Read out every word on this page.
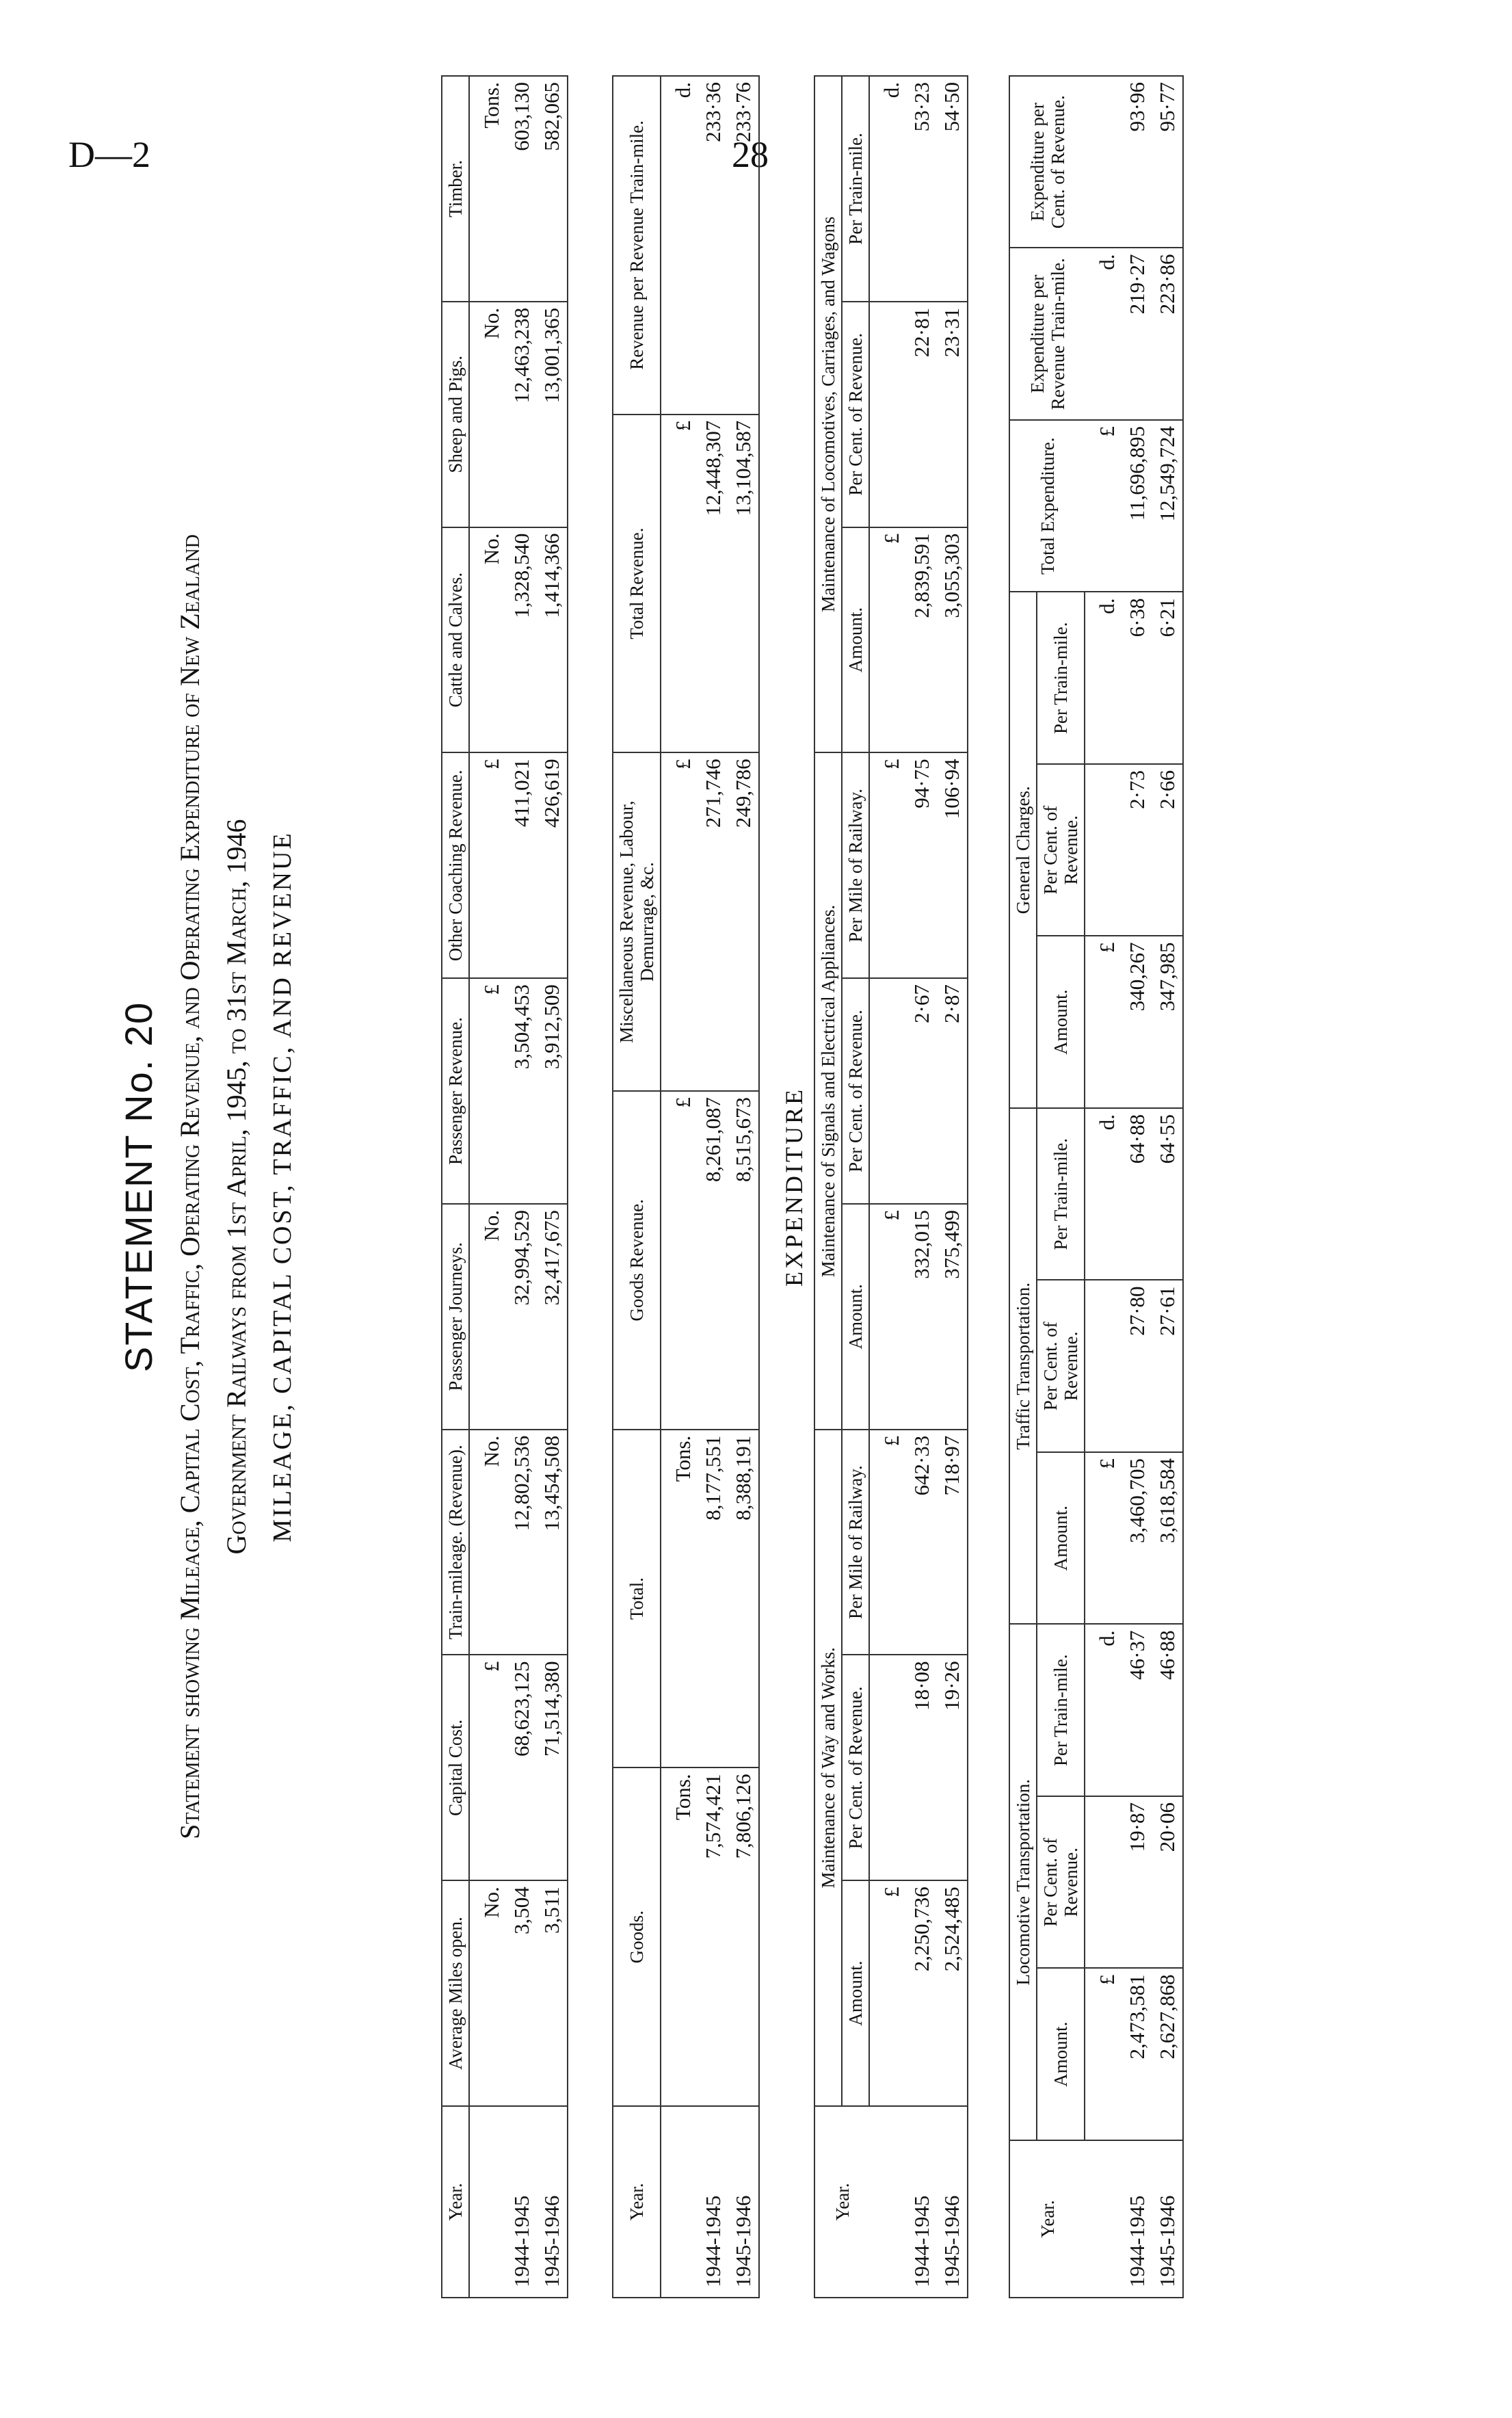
D—2	28
STATEMENT No. 20 Statement showing Mileage, Capital Cost, Traffic, Operating Revenue, and Operating Expenditure of New Zealand Government Railways from 1st April, 1945, to 31st March, 1946 MILEAGE, CAPITAL COST, TRAFFIC, AND REVENUE
Year.	Average Miles open.	Capital Cost.	Train-mileage. (Revenue).	Passenger Journeys.	Passenger Revenue.	Other Coaching Revenue.	Cattle and Calves.	Sheep and Pigs.	Timber.
	No.	£	No.	No.	£	£	No.	No.	Tons.
1944-1945	3,504	68,623,125	12,802,536	32,994,529	3,504,453	411,021	1,328,540	12,463,238	603,130
1945-1946	3,511	71,514,380	13,454,508	32,417,675	3,912,509	426,619	1,414,366	13,001,365	582,065
Year.	Goods.	Total.	Goods Revenue.	Miscellaneous Revenue, Labour, Demurrage, &c.	Total Revenue.	Revenue per Revenue Train-mile.
	Tons.	Tons.	£	£	£	d.
1944-1945	7,574,421	8,177,551	8,261,087	271,746	12,448,307	233·36
1945-1946	7,806,126	8,388,191	8,515,673	249,786	13,104,587	233·76
EXPENDITURE
Year.	Maintenance of Way and Works.			Maintenance of Signals and Electrical Appliances.			Maintenance of Locomotives, Carriages, and Wagons		
	Amount.	Per Cent. of Revenue.	Per Mile of Railway.	Amount.	Per Cent. of Revenue.	Per Mile of Railway.	Amount.	Per Cent. of Revenue.	Per Train-mile.
	£		£	£		£	£		d.
1944-1945	2,250,736	18·08	642·33	332,015	2·67	94·75	2,839,591	22·81	53·23
1945-1946	2,524,485	19·26	718·97	375,499	2·87	106·94	3,055,303	23·31	54·50
Year.	Locomotive Transportation.			Traffic Transportation.			General Charges.			Total Expenditure.	Expenditure per Revenue Train-mile.	Expenditure per Cent. of Revenue.
	Amount.	Per Cent. of Revenue.	Per Train-mile.	Amount.	Per Cent. of Revenue.	Per Train-mile.	Amount.	Per Cent. of Revenue.	Per Train-mile.			
	£		d.	£		d.	£		d.	£	d.	
1944-1945	2,473,581	19·87	46·37	3,460,705	27·80	64·88	340,267	2·73	6·38	11,696,895	219·27	93·96
1945-1946	2,627,868	20·06	46·88	3,618,584	27·61	64·55	347,985	2·66	6·21	12,549,724	223·86	95·77
